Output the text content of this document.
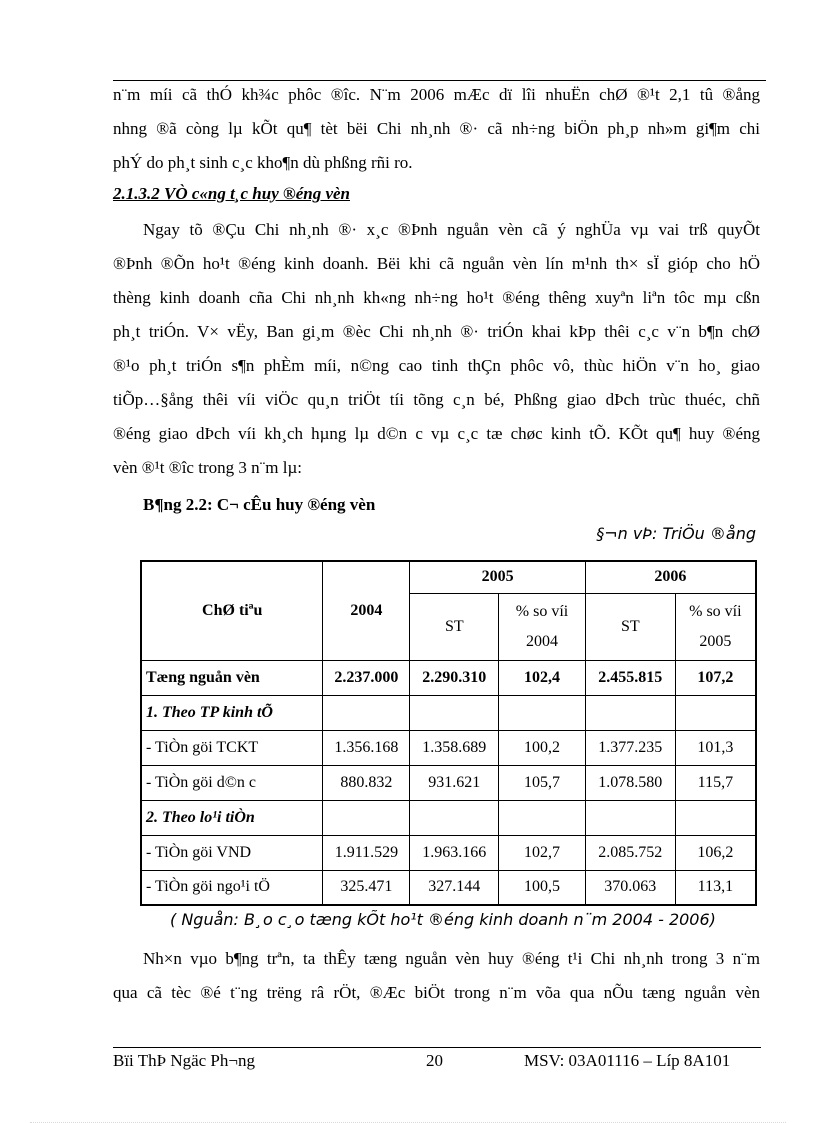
n¨m míi cã thÓ kh¾c phôc ®îc. N¨m 2006 mÆc dï lîi nhuËn chØ ®¹t 2,1 tû ®ång
nhng ®ã còng lµ kÕt qu¶ tèt bëi Chi nh¸nh ®· cã nh÷ng biÖn ph¸p nh»m gi¶m chi
phÝ do ph¸t sinh c¸c kho¶n dù phßng rñi ro.

2.1.3.2 VÒ c«ng t¸c huy ®éng vèn

Ngay tõ ®Çu Chi nh¸nh ®· x¸c ®Þnh nguån vèn cã ý nghÜa vµ vai trß quyÕt
®Þnh ®Õn ho¹t ®éng kinh doanh. Bëi khi cã nguån vèn lín m¹nh th× sÏ gióp cho hÖ
thèng kinh doanh cña Chi nh¸nh kh«ng nh÷ng ho¹t ®éng thêng xuyªn liªn tôc mµ cßn
ph¸t triÓn. V× vËy, Ban gi¸m ®èc Chi nh¸nh ®· triÓn khai kÞp thêi c¸c v¨n b¶n chØ
®¹o ph¸t triÓn s¶n phÈm míi, n©ng cao tinh thÇn phôc vô, thùc hiÖn v¨n ho¸ giao
tiÕp…§ång thêi víi viÖc qu¸n triÖt tíi tõng c¸n bé, Phßng giao dÞch trùc thuéc, chñ
®éng giao dÞch víi kh¸ch hµng lµ d©n c vµ c¸c tæ chøc kinh tÕ. KÕt qu¶ huy ®éng
vèn ®¹t ®îc trong 3 n¨m lµ:

B¶ng 2.2: C¬ cÊu huy ®éng vèn

§¬n vÞ: TriÖu ®ång

ChØ tiªu	2004	2005		2006	
		ST	% so víi 2004	ST	% so víi 2005
Tæng nguån vèn	2.237.000	2.290.310	102,4	2.455.815	107,2
1. Theo TP kinh tÕ					
- TiÒn göi TCKT	1.356.168	1.358.689	100,2	1.377.235	101,3
- TiÒn göi d©n c	880.832	931.621	105,7	1.078.580	115,7
2. Theo lo¹i tiÒn					
- TiÒn göi VND	1.911.529	1.963.166	102,7	2.085.752	106,2
- TiÒn göi ngo¹i tÖ	325.471	327.144	100,5	370.063	113,1

( Nguån: B¸o c¸o tæng kÕt ho¹t ®éng kinh doanh n¨m 2004 - 2006)

Nh×n vµo b¶ng trªn, ta thÊy tæng nguån vèn huy ®éng t¹i Chi nh¸nh trong 3 n¨m
qua cã tèc ®é t¨ng trëng râ rÖt, ®Æc biÖt trong n¨m võa qua nÕu tæng nguån vèn

Bïi ThÞ Ngäc Ph¬ng	20	MSV: 03A01116 – Líp 8A101
